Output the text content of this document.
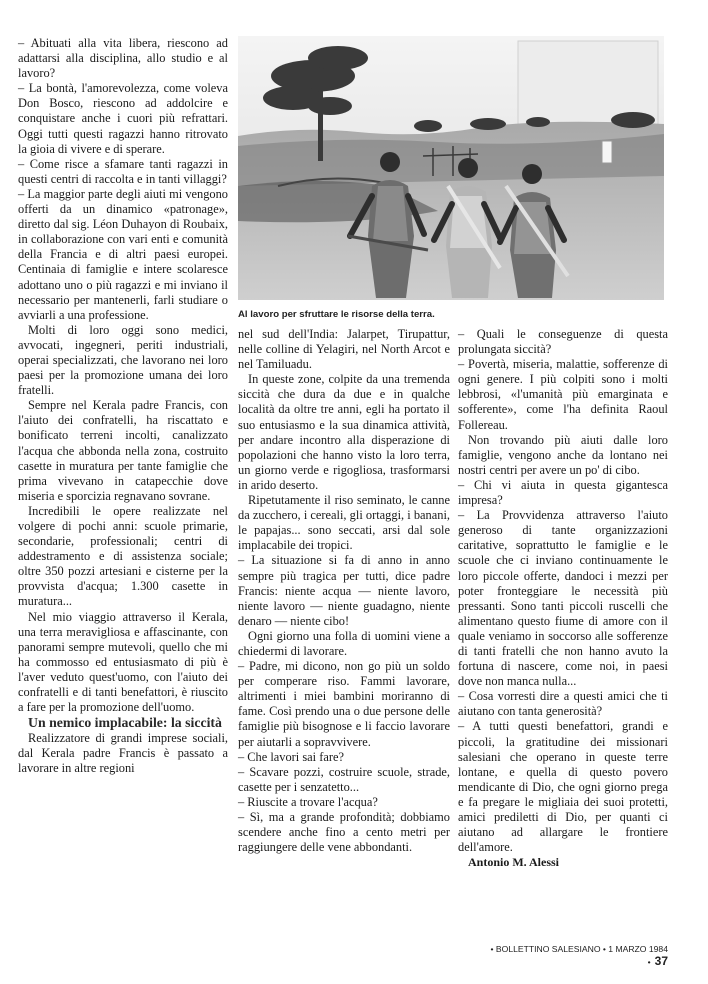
– Abituati alla vita libera, riescono ad adattarsi alla disciplina, allo studio e al lavoro?

– La bontà, l'amorevolezza, come voleva Don Bosco, riescono ad addolcire e conquistare anche i cuori più refrattari. Oggi tutti questi ragazzi hanno ritrovato la gioia di vivere e di sperare.

– Come risce a sfamare tanti ragazzi in questi centri di raccolta e in tanti villaggi?

– La maggior parte degli aiuti mi vengono offerti da un dinamico «patronage», diretto dal sig. Léon Duhayon di Roubaix, in collaborazione con vari enti e comunità della Francia e di altri paesi europei. Centinaia di famiglie e intere scolaresce adottano uno o più ragazzi e mi inviano il necessario per mantenerli, farli studiare o avviarli a una professione.

Molti di loro oggi sono medici, avvocati, ingegneri, periti industriali, operai specializzati, che lavorano nei loro paesi per la promozione umana dei loro fratelli.

Sempre nel Kerala padre Francis, con l'aiuto dei confratelli, ha riscattato e bonificato terreni incolti, canalizzato l'acqua che abbonda nella zona, costruito casette in muratura per tante famiglie che prima vivevano in catapecchie dove miseria e sporcizia regnavano sovrane.

Incredibili le opere realizzate nel volgere di pochi anni: scuole primarie, secondarie, professionali; centri di addestramento e di assistenza sociale; oltre 350 pozzi artesiani e cisterne per la provvista d'acqua; 1.300 casette in muratura...

Nel mio viaggio attraverso il Kerala, una terra meravigliosa e affascinante, con panorami sempre mutevoli, quello che mi ha commosso ed entusiasmato di più è l'aver veduto quest'uomo, con l'aiuto dei confratelli e di tanti benefattori, è riuscito a fare per la promozione dell'uomo.

Un nemico implacabile: la siccità

Realizzatore di grandi imprese sociali, dal Kerala padre Francis è passato a lavorare in altre regioni

Al lavoro per sfruttare le risorse della terra.

nel sud dell'India: Jalarpet, Tirupattur, nelle colline di Yelagiri, nel North Arcot e nel Tamiluadu.

In queste zone, colpite da una tremenda siccità che dura da due e in qualche località da oltre tre anni, egli ha portato il suo entusiasmo e la sua dinamica attività, per andare incontro alla disperazione di popolazioni che hanno visto la loro terra, un giorno verde e rigogliosa, trasformarsi in arido deserto.

Ripetutamente il riso seminato, le canne da zucchero, i cereali, gli ortaggi, i banani, le papajas... sono seccati, arsi dal sole implacabile dei tropici.

– La situazione si fa di anno in anno sempre più tragica per tutti, dice padre Francis: niente acqua — niente lavoro, niente lavoro — niente guadagno, niente denaro — niente cibo!

Ogni giorno una folla di uomini viene a chiedermi di lavorare.

– Padre, mi dicono, non go più un soldo per comperare riso. Fammi lavorare, altrimenti i miei bambini moriranno di fame. Così prendo una o due persone delle famiglie più bisognose e li faccio lavorare per aiutarli a sopravvivere.

– Che lavori sai fare?

– Scavare pozzi, costruire scuole, strade, casette per i senzatetto...

– Riuscite a trovare l'acqua?

– Sì, ma a grande profondità; dobbiamo scendere anche fino a cento metri per raggiungere delle vene abbondanti.

– Quali le conseguenze di questa prolungata siccità?

– Povertà, miseria, malattie, sofferenze di ogni genere. I più colpiti sono i molti lebbrosi, «l'umanità più emarginata e sofferente», come l'ha definita Raoul Follereau.

Non trovando più aiuti dalle loro famiglie, vengono anche da lontano nei nostri centri per avere un po' di cibo.

– Chi vi aiuta in questa gigantesca impresa?

– La Provvidenza attraverso l'aiuto generoso di tante organizzazioni caritative, soprattutto le famiglie e le scuole che ci inviano continuamente le loro piccole offerte, dandoci i mezzi per poter fronteggiare le necessità più pressanti. Sono tanti piccoli ruscelli che alimentano questo fiume di amore con il quale veniamo in soccorso alle sofferenze di tanti fratelli che non hanno avuto la fortuna di nascere, come noi, in paesi dove non manca nulla...

– Cosa vorresti dire a questi amici che ti aiutano con tanta generosità?

– A tutti questi benefattori, grandi e piccoli, la gratitudine dei missionari salesiani che operano in queste terre lontane, e quella di questo povero mendicante di Dio, che ogni giorno prega e fa pregare le migliaia dei suoi protetti, amici prediletti di Dio, per quanti ci aiutano ad allargare le frontiere dell'amore.

Antonio M. Alessi

• BOLLETTINO SALESIANO • 1 MARZO 1984 • 37
